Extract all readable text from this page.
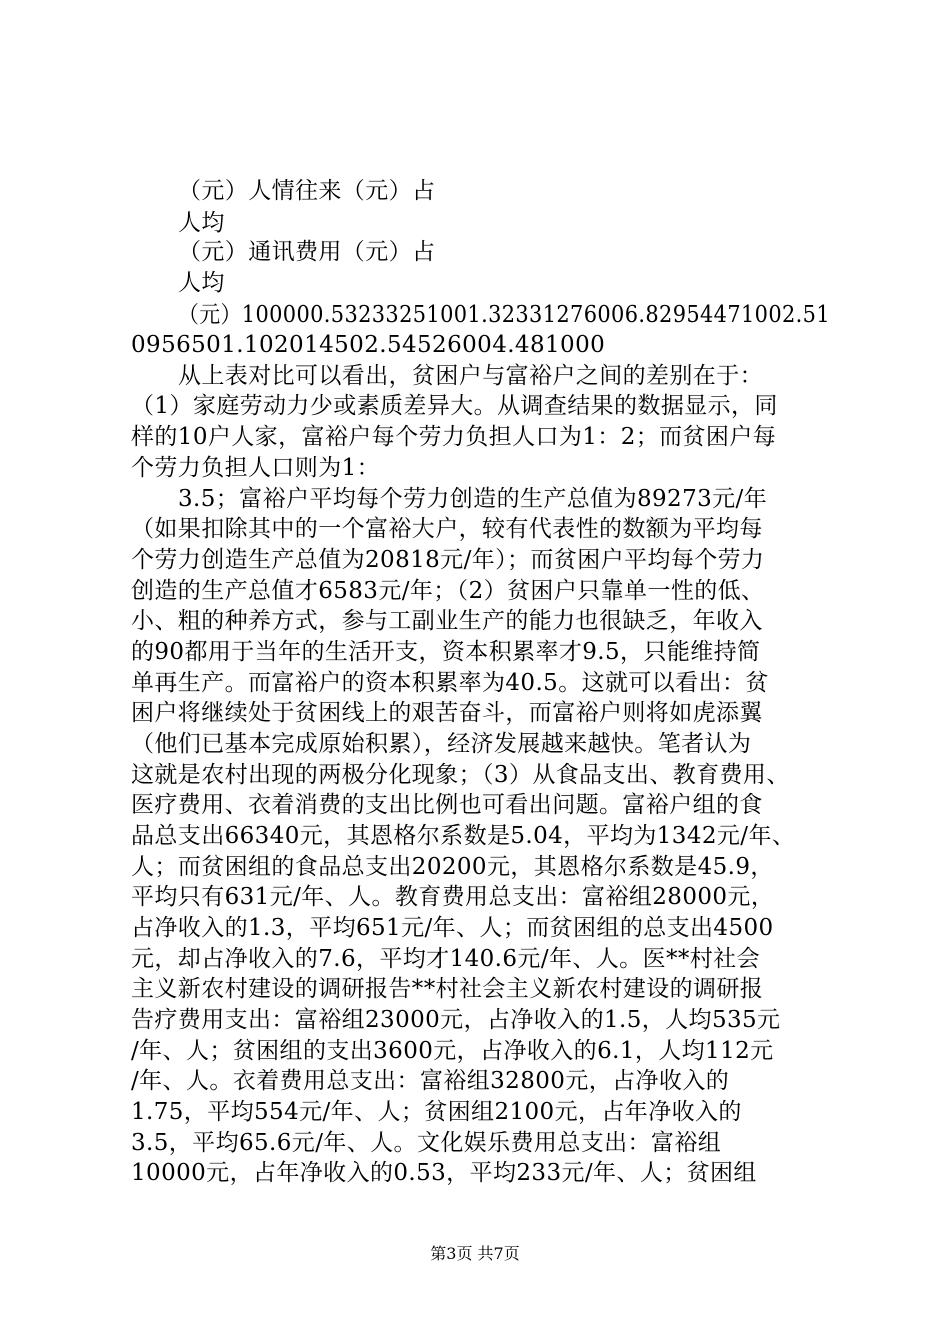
（元）人情往来（元）占
人均
（元）通讯费用（元）占
人均
（元）100000.53233251001.32331276006.82954471002.51
0956501.102014502.54526004.481000
从上表对比可以看出，贫困户与富裕户之间的差别在于：
（1）家庭劳动力少或素质差异大。从调查结果的数据显示，同
样的10户人家，富裕户每个劳力负担人口为1：2；而贫困户每
个劳力负担人口则为1：
3.5；富裕户平均每个劳力创造的生产总值为89273元/年
（如果扣除其中的一个富裕大户，较有代表性的数额为平均每
个劳力创造生产总值为20818元/年）；而贫困户平均每个劳力
创造的生产总值才6583元/年；（2）贫困户只靠单一性的低、
小、粗的种养方式，参与工副业生产的能力也很缺乏，年收入
的90都用于当年的生活开支，资本积累率才9.5，只能维持简
单再生产。而富裕户的资本积累率为40.5。这就可以看出：贫
困户将继续处于贫困线上的艰苦奋斗，而富裕户则将如虎添翼
（他们已基本完成原始积累），经济发展越来越快。笔者认为
这就是农村出现的两极分化现象；（3）从食品支出、教育费用、
医疗费用、衣着消费的支出比例也可看出问题。富裕户组的食
品总支出66340元，其恩格尔系数是5.04，平均为1342元/年、
人；而贫困组的食品总支出20200元，其恩格尔系数是45.9，
平均只有631元/年、人。教育费用总支出：富裕组28000元，
占净收入的1.3，平均651元/年、人；而贫困组的总支出4500
元，却占净收入的7.6，平均才140.6元/年、人。医**村社会
主义新农村建设的调研报告**村社会主义新农村建设的调研报
告疗费用支出：富裕组23000元，占净收入的1.5，人均535元
/年、人；贫困组的支出3600元，占净收入的6.1，人均112元
/年、人。衣着费用总支出：富裕组32800元，占净收入的
1.75，平均554元/年、人；贫困组2100元，占年净收入的
3.5，平均65.6元/年、人。文化娱乐费用总支出：富裕组
10000元，占年净收入的0.53，平均233元/年、人；贫困组
第3页 共7页
